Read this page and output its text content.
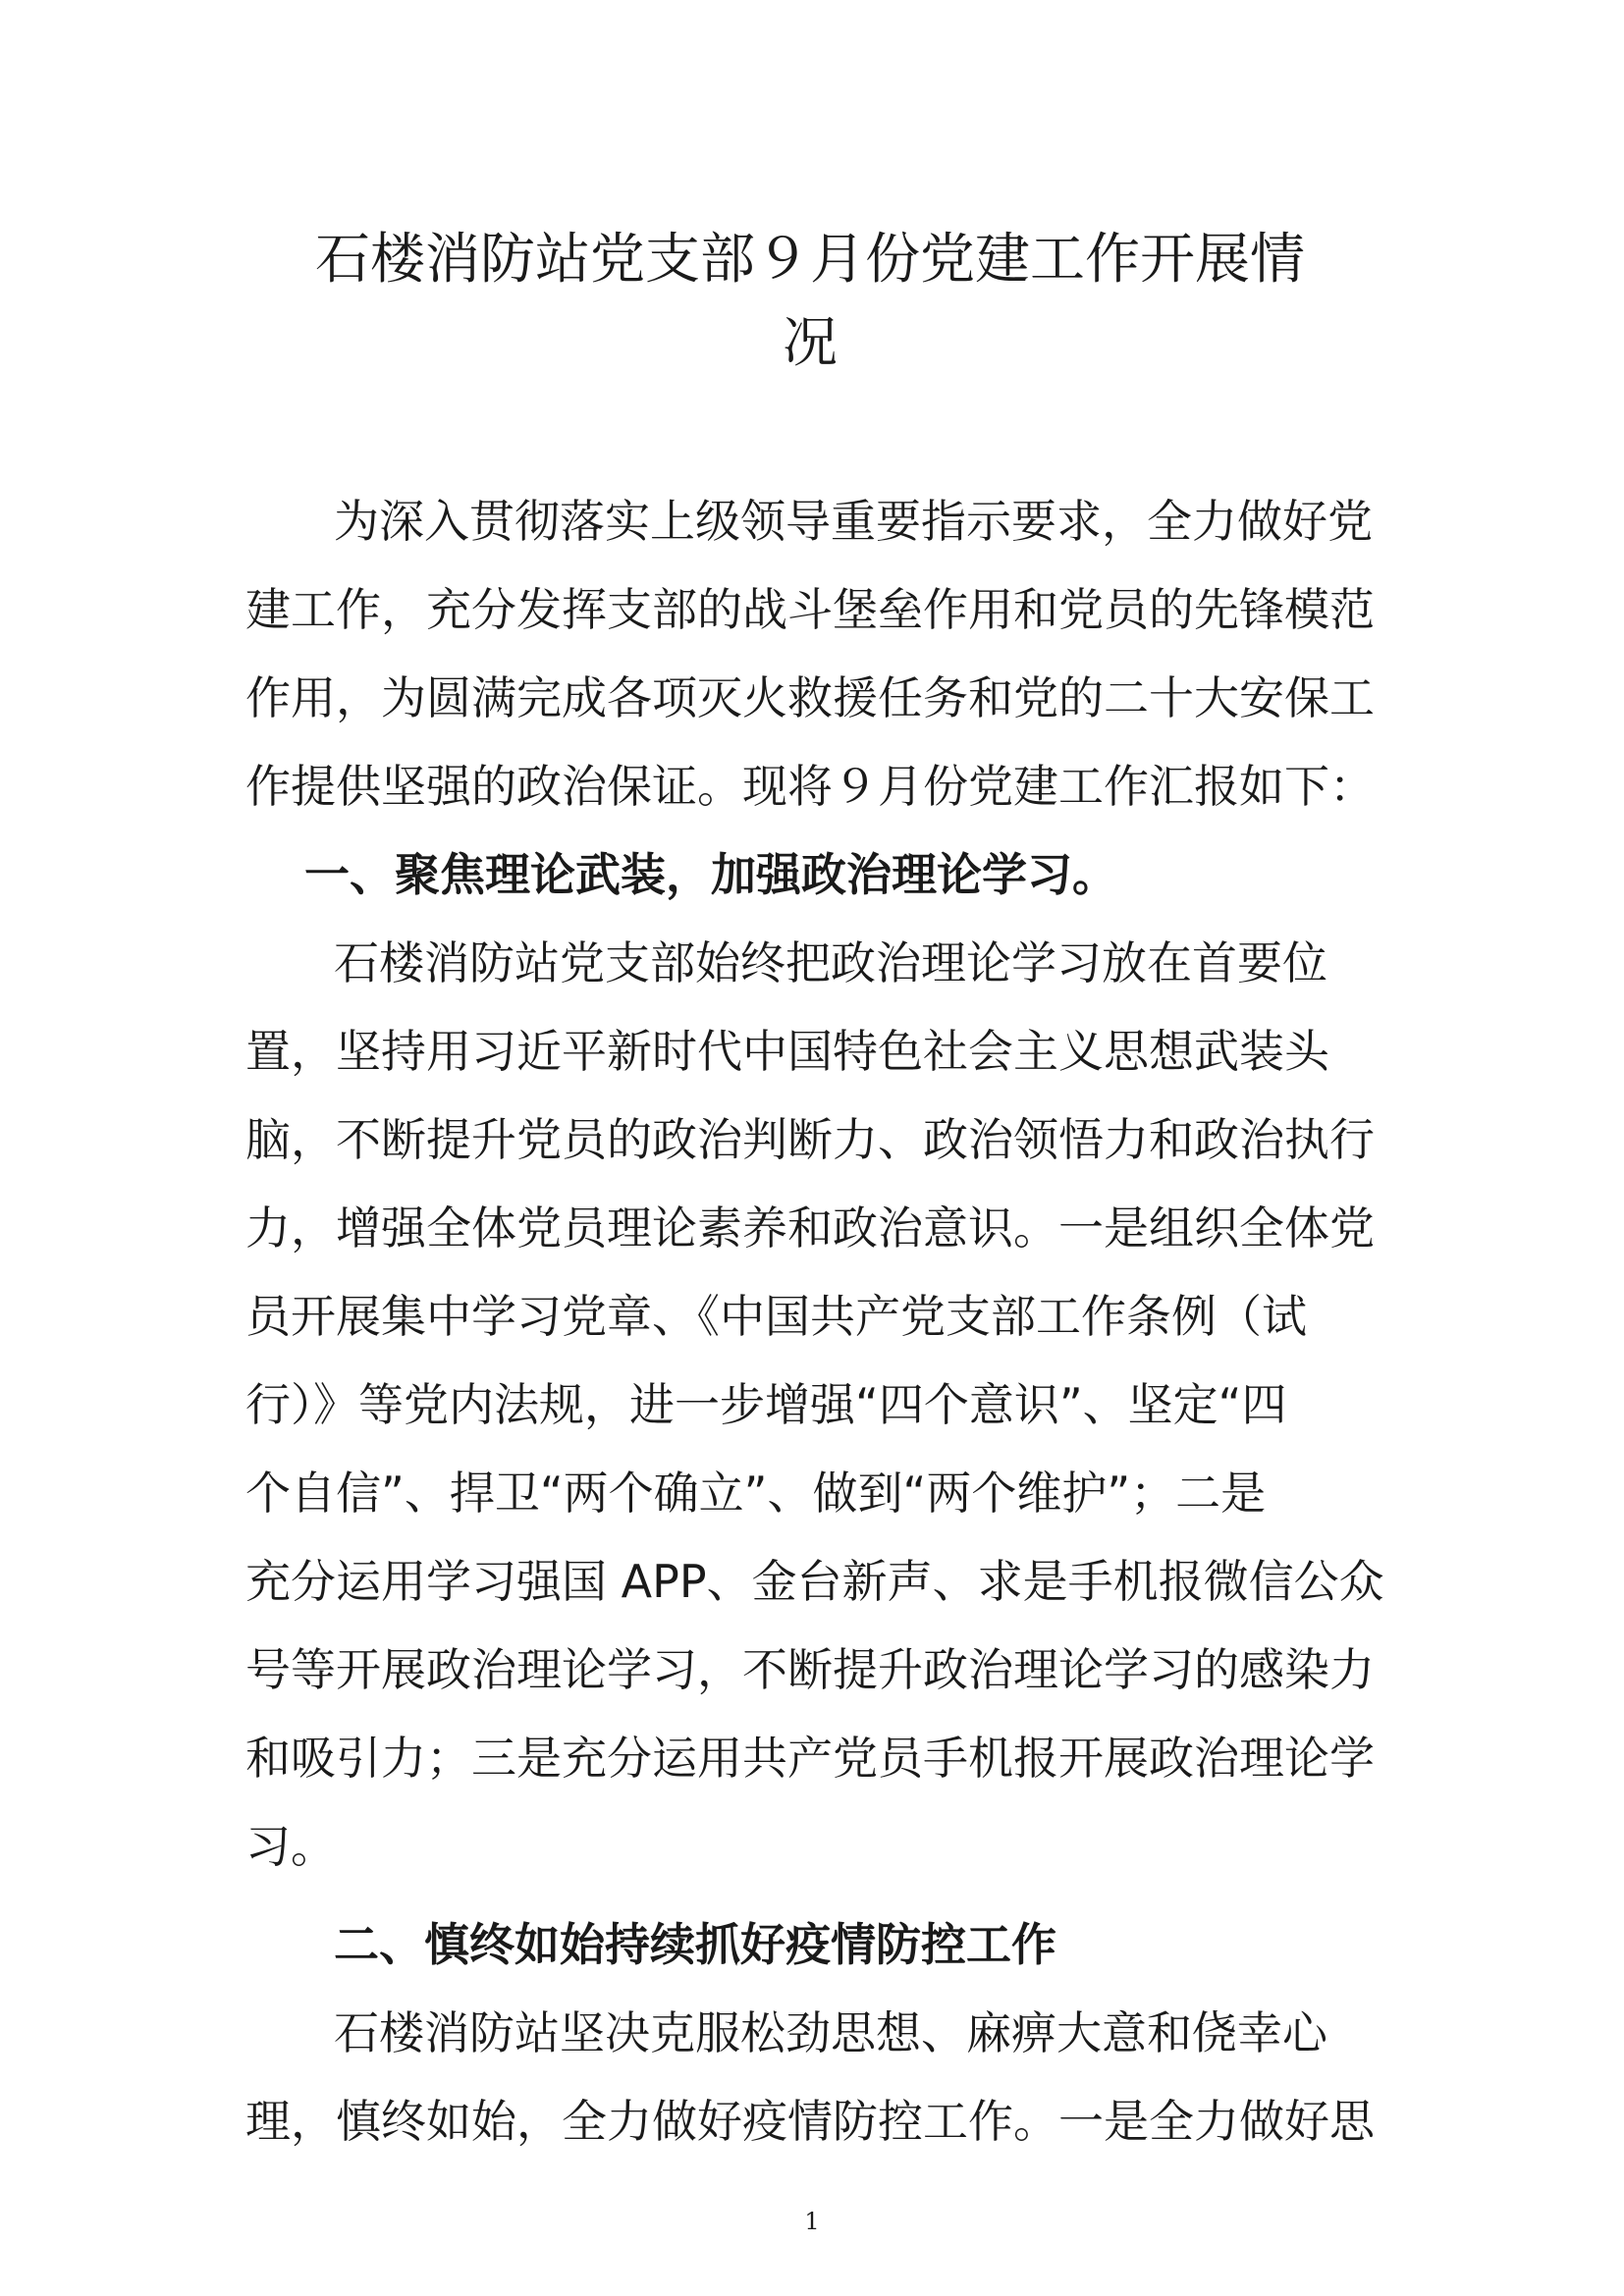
石楼消防站党支部９月份党建工作开展情
况
为深入贯彻落实上级领导重要指示要求，全力做好党
建工作，充分发挥支部的战斗堡垒作用和党员的先锋模范
作用，为圆满完成各项灭火救援任务和党的二十大安保工
作提供坚强的政治保证。现将９月份党建工作汇报如下：
一、聚焦理论武装，加强政治理论学习。
石楼消防站党支部始终把政治理论学习放在首要位
置，坚持用习近平新时代中国特色社会主义思想武装头
脑，不断提升党员的政治判断力、政治领悟力和政治执行
力，增强全体党员理论素养和政治意识。一是组织全体党
员开展集中学习党章、《中国共产党支部工作条例（试
行）》等党内法规，进一步增强“四个意识”、坚定“四
个自信”、捍卫“两个确立”、做到“两个维护”；二是
充分运用学习强国 APP、金台新声、求是手机报微信公众
号等开展政治理论学习，不断提升政治理论学习的感染力
和吸引力；三是充分运用共产党员手机报开展政治理论学
习。
二、慎终如始持续抓好疫情防控工作
石楼消防站坚决克服松劲思想、麻痹大意和侥幸心
理，慎终如始，全力做好疫情防控工作。一是全力做好思
1
